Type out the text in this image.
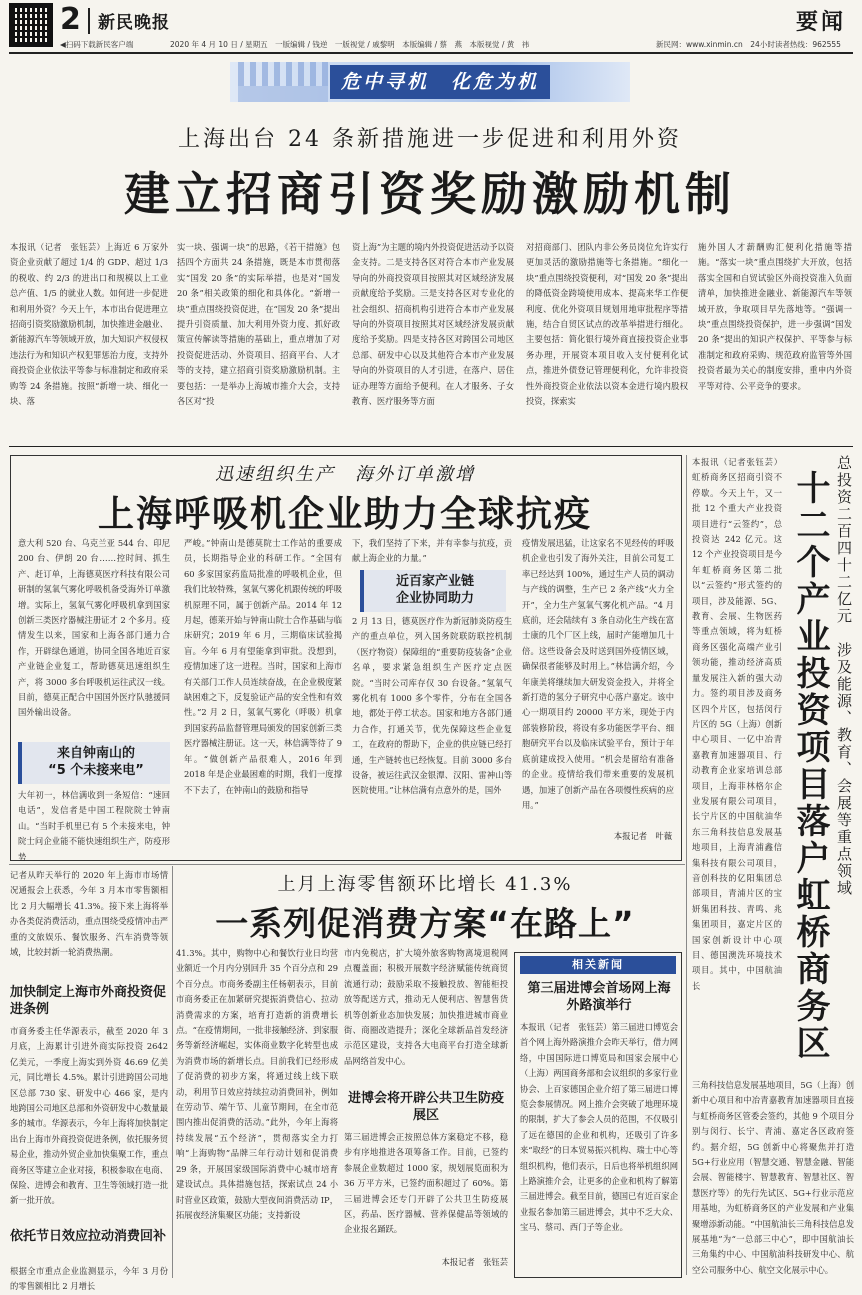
2 新民晚报	要闻
◀扫码下载新民客户端	2020 年 4 月 10 日 / 星期五　一版编辑 / 钱逆　一版视觉 / 戚黎明　本版编辑 / 蔡　燕　本版视觉 / 黄　祎	新民网：www.xinmin.cn　24小时读者热线：962555
危中寻机　化危为机
上海出台 24 条新措施进一步促进和利用外资
建立招商引资奖励激励机制
本报讯（记者　张钰芸）上海近 6 万家外资企业贡献了超过 1/4 的 GDP、超过 1/3 的税收、约 2/3 的进出口和规模以上工业总产值、1/5 的就业人数。如何进一步促进和利用外资？今天上午，本市出台促进理立招商引资奖励激励机制，加快推进金融业、新能源汽车等领域开放，加大知识产权侵权违法行为和知识产权犯罪惩治力度，支持外商投资企业依法平等参与标准制定和政府采购等 24 条措施。按照“新增一块、细化一块、落
实一块、强调一块”的思路，《若干措施》包括四个方面共 24 条措施，既是本市贯彻落实“国发 20 条”的实际举措，也是对“国发 20 条”相关政策的细化和具体化。“新增一块”重点围绕投资促进，在“国发 20 条”提出提升引资质量、加大利用外资力度、抓好政策宣传解读等措施的基础上，重点增加了对投资促进活动、外资项目、招商平台、人才等的支持，建立招商引资奖励激励机制。主要包括：一是举办上海城市推介大会，支持各区对“投
资上海”为主题的境内外投资促进活动予以资金支持。二是支持各区对符合本市产业发展导向的外商投资项目按照其对区域经济发展贡献度给予奖励。三是支持各区对专业化的社会组织、招商机构引进符合本市产业发展导向的外资项目按照其对区域经济发展贡献度给予奖励。四是支持各区对跨国公司地区总部、研发中心以及其他符合本市产业发展导向的外资项目的人才引进，在落户、居住证办理等方面给予便利。在人才服务、子女教育、医疗服务等方面
对招商部门、团队内非公务员岗位允许实行更加灵活的激励措施等七条措施。“细化一块”重点围绕投资便利，对“国发 20 条”提出的降低资金跨境使用成本、提高来华工作便利度、优化外资项目规划用地审批程序等措施，结合自贸区试点的改革举措进行细化。主要包括：简化银行境外商直接投资企业事务办理，开展资本项目收入支付便利化试点，推进外债登记管理便利化，允许非投资性外商投资企业依法以资本金进行境内股权投资，探索实
施外国人才薪酬购汇便利化措施等措施。“落实一块”重点围绕扩大开放，包括落实全国和自贸试验区外商投资准入负面清单，加快推进金融业、新能源汽车等领域开放，争取项目早先落地等。“强调一块”重点围绕投资保护，进一步强调“国发 20 条”提出的知识产权保护、平等参与标准制定和政府采购、规范政府监管等外国投资者最为关心的制度安排，重申内外资平等对待、公平竞争的要求。
迅速组织生产　海外订单激增
上海呼吸机企业助力全球抗疫
意大利 520 台、乌克兰亚 544 台、印尼 200 台、伊朗 20 台……控时间、抓生产、赶订单，上海德莫医疗科技有限公司研制的氢氧气雾化呼吸机备受海外订单激增。实际上，氢氧气雾化呼吸机拿到国家创新三类医疗器械注册证才 2 个多月。疫情发生以来，国家和上海各部门通力合作，开辟绿色通道，协同全国各地近百家产业链企业复工，帮助德莫迅速组织生产，将 3000 多台呼吸机运往武汉一线。目前，德莫正配合中国国外医疗队驰援同国外输出设备。
来自钟南山的
“5 个未接来电”
大年初一，林信满收到一条短信：“速回电话”，发信者是中国工程院院士钟南山。“当时手机里已有 5 个未接来电，钟院士问企业能不能快速组织生产，防疫形势
严峻。”钟南山是德莫院士工作站的重要成员，长期指导企业的科研工作。“全国有 60 多家国家药监局批准的呼吸机企业，但我们比较特殊，氢氧气雾化机跟传统的呼吸机原理不同，属于创新产品。2014 年 12 月起，德莱开始与钟南山院士合作基础与临床研究；2019 年 6 月，三期临床试验揭盲。今年 6 月有望能拿到审批。没想到，疫情加速了这一进程。当时，国家和上海市有关部门工作人员连续奋战，在企业极度紧缺困难之下，反复验证产品的安全性和有效性。”2 月 2 日，氢氧气雾化（呼吸）机拿到国家药品监督管理局颁发的国家创新三类医疗器械注册证。这一天，林信满等待了 9 年。“做创新产品很难人，2016 年到 2018 年是企业最困难的时期，我们一度撑不下去了，在钟南山的鼓励和指导
下，我们坚持了下来，并有幸参与抗疫，贡献上海企业的力量。”
近百家产业链
企业协同助力
2 月 13 日，德莫医疗作为新冠肺炎防疫生产的重点单位，列入国务院联防联控机制（医疗物资）保障组的“重要防疫装备”企业名单，要求紧急组织生产医疗定点医院。“当时公司库存仅 30 台设备。”氢氧气雾化机有 1000 多个零件，分布在全国各地，都处于停工状态。国家和地方各部门通力合作，打通关节，优先保障这些企业复工，在政府的帮助下，企业的供应链已经打通，生产链转也已经恢复。目前 3000 多台设备，被运往武汉金银潭、汉阳、雷神山等医院使用。”让林信满有点意外的是，国外
疫情发展迅猛，让这家名不见经传的呼吸机企业也引发了海外关注，目前公司复工率已经达到 100%，通过生产人员的调动与产线的调整，生产已 2 条产线“火力全开”，全力生产氢氧气雾化机产品。“4 月底前，还会陆续有 3 条自动化生产线在富士康的几个厂区上线，届时产能增加几十倍。这些设备会及时送到国外疫情区域，确保很者能够及时用上。”林信满介绍，今年康美将继续加大研发资金投入，并将全新打造的氢分子研究中心落户嘉定。该中心一期项目约 20000 平方米，现处于内部装修阶段，将设有多功能医学平台、细胞研究平台以及临床试验平台，预计于年底前建成投入使用。“机会是留给有准备的企业。疫情给我们带来重要的发展机遇，加速了创新产品在各项慢性疾病的应用。”
本报记者　叶薇	十二个产业投资项目落户虹桥商务区 总投资二百四十二亿元　涉及能源、教育、会展等重点领域
本报讯（记者张钰芸）虹桥商务区招商引资不停歇。今天上午，又一批 12 个重大产业投资项目进行“云签约”，总投资达 242 亿元。这 12 个产业投资项目是今年虹桥商务区第二批以“云签约”形式签约的项目，涉及能源、5G、教育、会展、生物医药等重点领域，将为虹桥商务区强化高端产业引领功能，推动经济高质量发展注入新的强大动力。签约项目涉及商务区四个片区，包括闵行片区的 5G（上海）创新中心项目、一亿中冶青嘉教育加速器项目、行动教育企业家培训总部项目，上海菲林格尔企业发展有限公司项目，长宁片区的中国航油华东三角科技信息发展基地项目，上海青浦鑫信集科技有限公司项目，音创科技的亿阳集团总部项目，青浦片区的宝妍集团科技、青鸣、兆集团项目，嘉定片区的国家创新设计中心项目、德国澳洗环境技术项目。其中，中国航油长
三角科技信息发展基地项目，5G（上海）创新中心项目和中冶青嘉教育加速器项目直接与虹桥商务区管委会签约，其他 9 个项目分别与闵行、长宁、青浦、嘉定各区政府签约。据介绍，5G 创新中心将聚焦并打造 5G+行业应用（智慧交通、智慧金融、智能会展、智能楼宇、智慧教育、智慧社区、智慧医疗等）的先行先试区、5G+行业示范应用基地，为虹桥商务区的产业发展和产业集聚增添新动能。“中国航油长三角科技信息发展基地”为“一总部三中心”，即中国航油长三角集约中心、中国航油科技研发中心、航空公司服务中心、航空文化展示中心。
记者从昨天举行的 2020 年上海市市场情况通报会上获悉，今年 3 月本市零售额相比 2 月大幅增长 41.3%。接下来上海将举办各类促消费活动，重点围绕受疫情冲击严重的文旅娱乐、餐饮服务、汽车消费等领域，比较封新一轮消费热潮。
上月上海零售额环比增长 41.3%
一系列促消费方案“在路上”
加快制定上海市外商投资促进条例
市商务委主任华源表示，截至 2020 年 3 月底，上海累计引进外商实际投资 2642 亿美元，一季度上海实到外资 46.69 亿美元，同比增长 4.5%。累计引进跨国公司地区总部 730 家、研发中心 466 家，是内地跨国公司地区总部和外资研发中心数量最多的城市。华源表示，今年上海将加快制定出台上海市外商投资促进条例，依托服务贸易企业，推动外贸企业加快集聚工作，重点商务区等建立企业对接，积极参取在电商、保险、进博会和教育、卫生等领域打造一批新一批开放。
依托节日效应拉动消费回补
根据全市重点企业监测显示，今年 3 月份的零售额相比 2 月增长
41.3%。其中，购物中心和餐饮行业日均营业额近一个月内分别回升 35 个百分点和 29 个百分点。市商务委副主任杨朝表示，目前市商务委正在加紧研究提振消费信心、拉动消费需求的方案，培育打造新的消费增长点。“在疫情期间，一批非接触经济、到家服务等新经济崛起，实体商业数字化转型也成为消费市场的新增长点。目前我们已经形成了促消费的初步方案，将通过线上线下联动，利用节日效应持续拉动消费回补，例如在劳动节、端午节、儿童节期间，在全市范围内推出促消费的活动。”此外，今年上海将持续发展“五个经济”，贯彻落实全力打响“上海购物”品牌三年行动计划和促消费 29 条，开展国家级国际消费中心城市培育建设试点。具体措施包括，探索试点 24 小时营业区政策，鼓励大型夜间消费活动 IP，拓展夜经济集聚区功能；支持新设
市内免税店，扩大境外旅客购物离境退税网点覆盖面；积极开展数字经济赋能传统商贸流通行动；鼓励采取不接触投放、智能柜投放等配送方式，推动无人便利店、智慧售货机等创新业态加快发展；加快推进城市商业街、商圈改造提升；深化全球新品首发经济示范区建设，支持各大电商平台打造全球新品网络首发中心。
进博会将开辟公共卫生防疫展区
第三届进博会正按照总体方案稳定不移，稳步有序地推进各项筹备工作。目前，已签约参展企业数超过 1000 家，规划展览面积为 36 万平方米，已签约面积超过了 60%。第三届进博会还专门开辟了公共卫生防疫展区，药品、医疗器械、营养保健品等领域的企业报名踊跃。
本报记者　张钰芸
相关新闻
第三届进博会首场网上海外路演举行
本报讯（记者　张钰芸）第三届进口博览会首个网上海外路演推介会昨天举行，借力网络，中国国际进口博览局和国家会展中心（上海）两国商务部和会议组织的多家行业协会、上百家德国企业介绍了第三届进口博览会参展情况。网上推介会突破了地理环境的限制，扩大了参会人员的范围，不仅吸引了远在德国的企业和机构，还吸引了许多来“取经”的日本贸易振兴机构、瑞士中心等组织机构，他们表示，日后也将举机组织网上路演推介会，让更多的企业和机构了解第三届进博会。截至目前，德国已有近百家企业报名参加第三届进博会，其中不乏大众、宝马、蔡司、西门子等企业。
